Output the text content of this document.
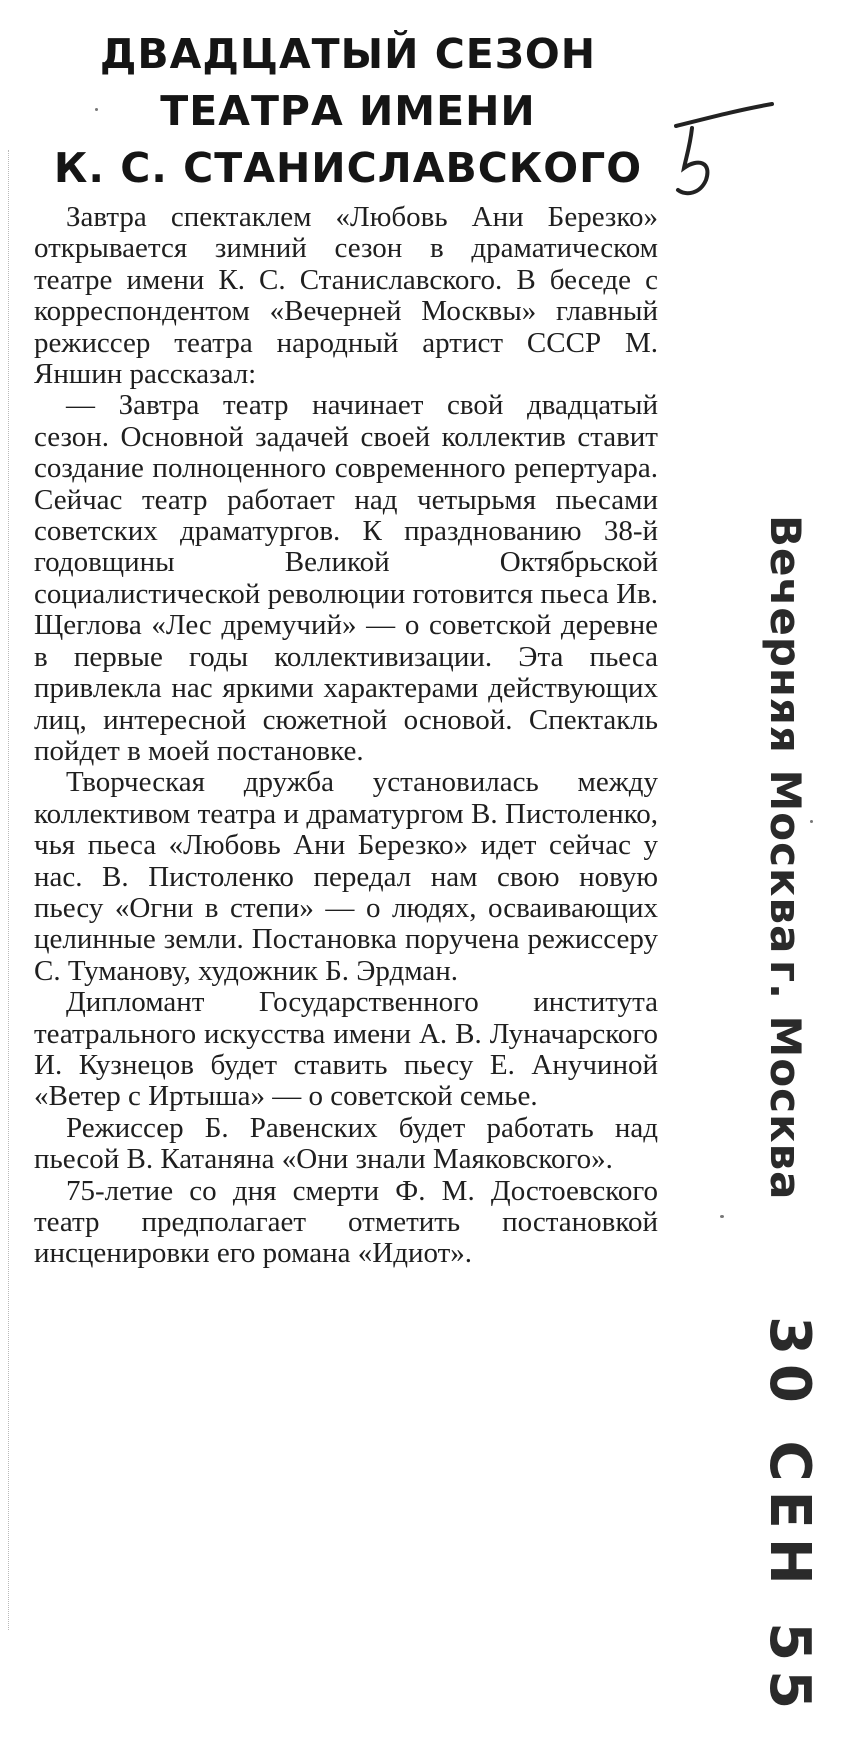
ДВАДЦАТЫЙ СЕЗОН
ТЕАТРА ИМЕНИ
К. С. СТАНИСЛАВСКОГО

Завтра спектаклем «Любовь Ани Березко» открывается зимний сезон в драматическом театре имени К. С. Станиславского. В беседе с корреспондентом «Вечерней Москвы» главный режиссер театра народный артист СССР М. Яншин рассказал:

— Завтра театр начинает свой двадцатый сезон. Основной задачей своей коллектив ставит создание полноценного современного репертуара. Сейчас театр работает над четырьмя пьесами советских драматургов. К празднованию 38-й годовщины Великой Октябрьской социалистической революции готовится пьеса Ив. Щеглова «Лес дремучий» — о советской деревне в первые годы коллективизации. Эта пьеса привлекла нас яркими характерами действующих лиц, интересной сюжетной основой. Спектакль пойдет в моей постановке.

Творческая дружба установилась между коллективом театра и драматургом В. Пистоленко, чья пьеса «Любовь Ани Березко» идет сейчас у нас. В. Пистоленко передал нам свою новую пьесу «Огни в степи» — о людях, осваивающих целинные земли. Постановка поручена режиссеру С. Туманову, художник Б. Эрдман.

Дипломант Государственного института театрального искусства имени А. В. Луначарского И. Кузнецов будет ставить пьесу Е. Анучиной «Ветер с Иртыша» — о советской семье.

Режиссер Б. Равенских будет работать над пьесой В. Катаняна «Они знали Маяковского».

75-летие со дня смерти Ф. М. Достоевского театр предполагает отметить постановкой инсценировки его романа «Идиот».

Вечерняя Москва г. Москва 30 СЕН 55
